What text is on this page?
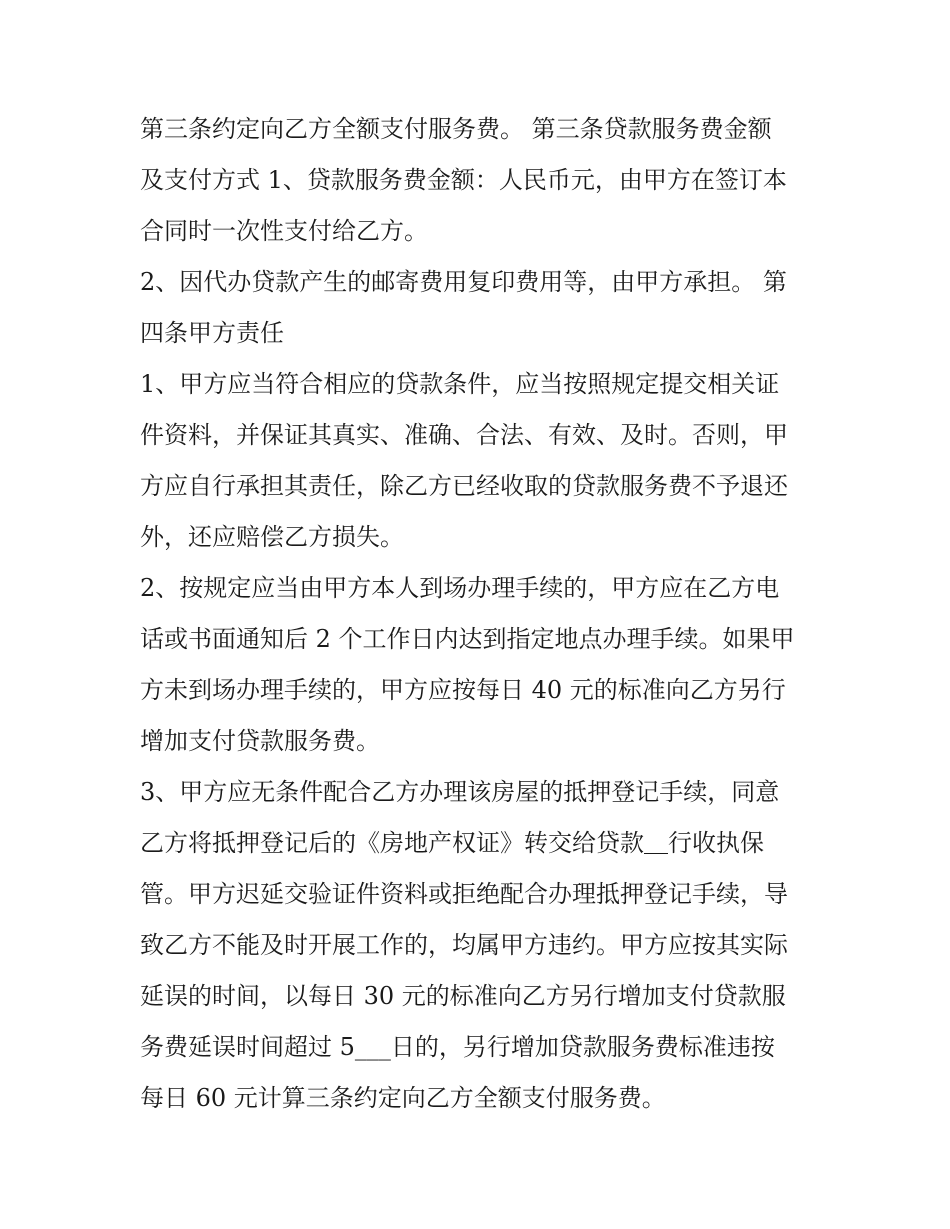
第三条约定向乙方全额支付服务费。 第三条贷款服务费金额
及支付方式 1、贷款服务费金额：人民币元，由甲方在签订本
合同时一次性支付给乙方。

2、因代办贷款产生的邮寄费用复印费用等，由甲方承担。 第
四条甲方责任

1、甲方应当符合相应的贷款条件，应当按照规定提交相关证
件资料，并保证其真实、准确、合法、有效、及时。否则，甲
方应自行承担其责任，除乙方已经收取的贷款服务费不予退还
外，还应赔偿乙方损失。

2、按规定应当由甲方本人到场办理手续的，甲方应在乙方电
话或书面通知后 2 个工作日内达到指定地点办理手续。如果甲
方未到场办理手续的，甲方应按每日 40 元的标准向乙方另行
增加支付贷款服务费。

3、甲方应无条件配合乙方办理该房屋的抵押登记手续，同意
乙方将抵押登记后的《房地产权证》转交给贷款＿行收执保
管。甲方迟延交验证件资料或拒绝配合办理抵押登记手续，导
致乙方不能及时开展工作的，均属甲方违约。甲方应按其实际
延误的时间，以每日 30 元的标准向乙方另行增加支付贷款服
务费延误时间超过 5___日的，另行增加贷款服务费标准违按
每日 60 元计算三条约定向乙方全额支付服务费。
